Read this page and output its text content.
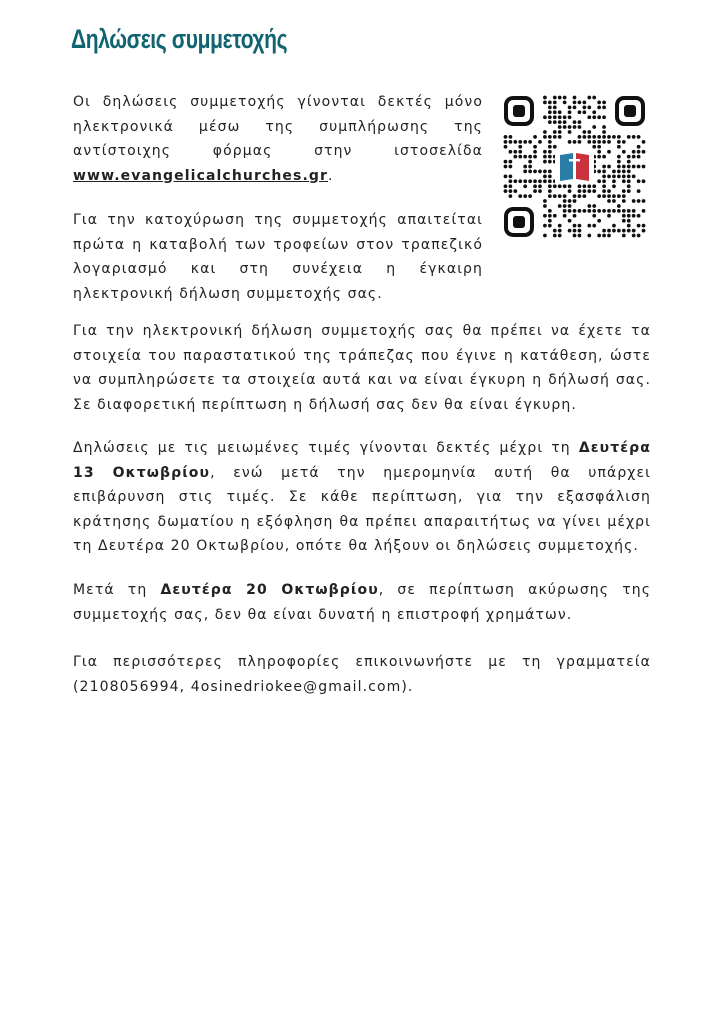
Δηλώσεις συμμετοχής

Οι δηλώσεις συμμετοχής γίνονται δεκτές μόνο ηλεκτρονικά μέσω της συμπλήρωσης της αντίστοιχης φόρμας στην ιστοσελίδα www.evangelicalchurches.gr.

Για την κατοχύρωση της συμμετοχής απαιτείται πρώτα η καταβολή των τροφείων στον τραπεζικό λογαριασμό και στη συνέχεια η έγκαιρη ηλεκτρονική δήλωση συμμετοχής σας.

Για την ηλεκτρονική δήλωση συμμετοχής σας θα πρέπει να έχετε τα στοιχεία του παραστατικού της τράπεζας που έγινε η κατάθεση, ώστε να συμπληρώσετε τα στοιχεία αυτά και να είναι έγκυρη η δήλωσή σας. Σε διαφορετική περίπτωση η δήλωσή σας δεν θα είναι έγκυρη.

Δηλώσεις με τις μειωμένες τιμές γίνονται δεκτές μέχρι τη Δευτέρα 13 Οκτωβρίου, ενώ μετά την ημερομηνία αυτή θα υπάρχει επιβάρυνση στις τιμές. Σε κάθε περίπτωση, για την εξασφάλιση κράτησης δωματίου η εξόφληση θα πρέπει απαραιτήτως να γίνει μέχρι τη Δευτέρα 20 Οκτωβρίου, οπότε θα λήξουν οι δηλώσεις συμμετοχής.

Μετά τη Δευτέρα 20 Οκτωβρίου, σε περίπτωση ακύρωσης της συμμετοχής σας, δεν θα είναι δυνατή η επιστροφή χρημάτων.

Για περισσότερες πληροφορίες επικοινωνήστε με τη γραμματεία (2108056994, 4osinedriokee@gmail.com).
